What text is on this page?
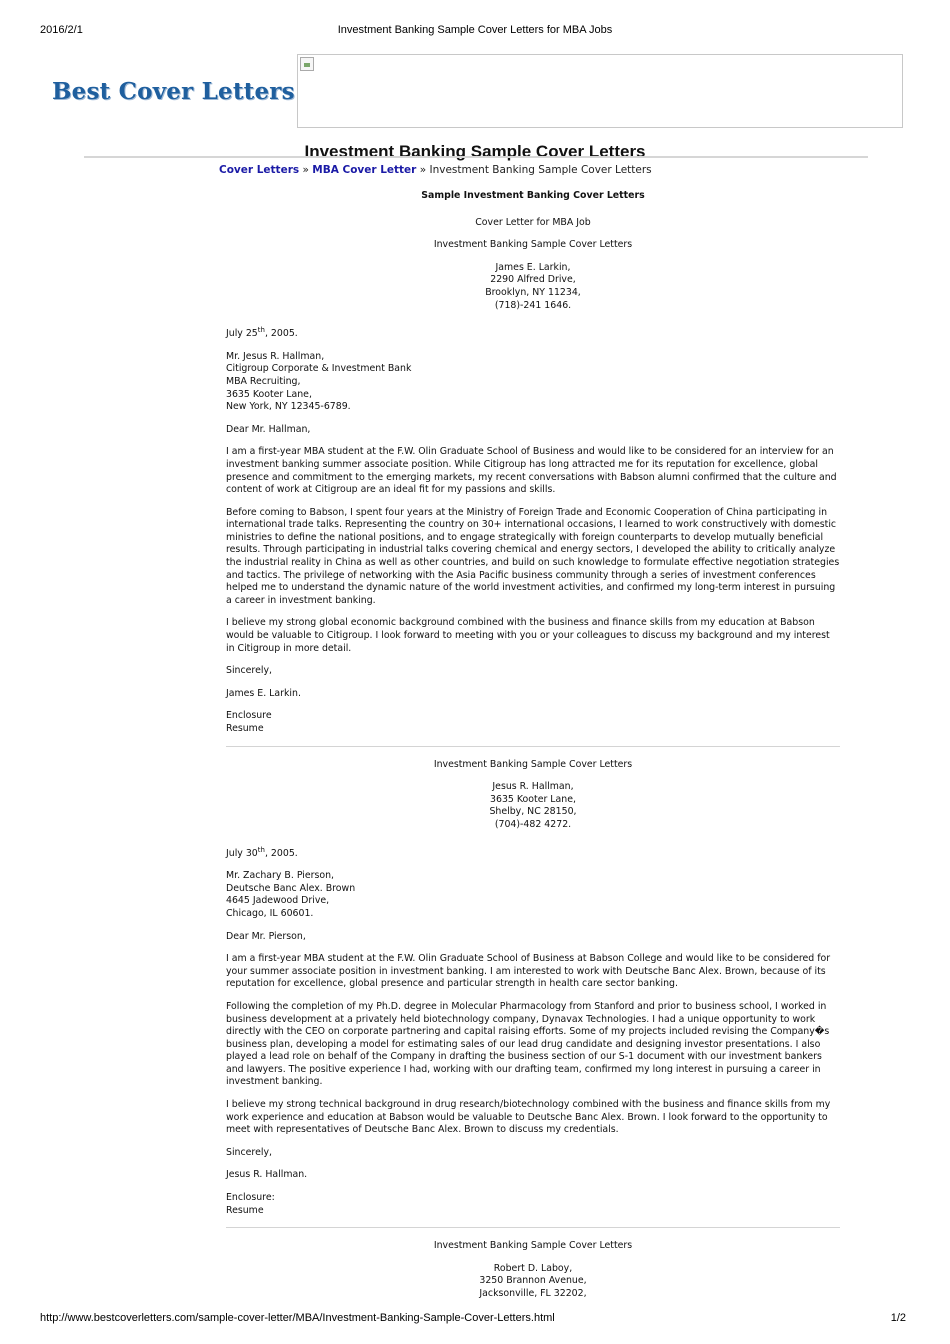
2016/2/1	Investment Banking Sample Cover Letters for MBA Jobs
Best Cover Letters
Investment Banking Sample Cover Letters
Cover Letters » MBA Cover Letter » Investment Banking Sample Cover Letters

Sample Investment Banking Cover Letters

Cover Letter for MBA Job

Investment Banking Sample Cover Letters

James E. Larkin,
2290 Alfred Drive,
Brooklyn, NY 11234,
(718)-241 1646.

July 25th, 2005.

Mr. Jesus R. Hallman,
Citigroup Corporate & Investment Bank
MBA Recruiting,
3635 Kooter Lane,
New York, NY 12345-6789.

Dear Mr. Hallman,

I am a first-year MBA student at the F.W. Olin Graduate School of Business and would like to be considered for an interview for an investment banking summer associate position. While Citigroup has long attracted me for its reputation for excellence, global presence and commitment to the emerging markets, my recent conversations with Babson alumni confirmed that the culture and content of work at Citigroup are an ideal fit for my passions and skills.

Before coming to Babson, I spent four years at the Ministry of Foreign Trade and Economic Cooperation of China participating in international trade talks. Representing the country on 30+ international occasions, I learned to work constructively with domestic ministries to define the national positions, and to engage strategically with foreign counterparts to develop mutually beneficial results. Through participating in industrial talks covering chemical and energy sectors, I developed the ability to critically analyze the industrial reality in China as well as other countries, and build on such knowledge to formulate effective negotiation strategies and tactics. The privilege of networking with the Asia Pacific business community through a series of investment conferences helped me to understand the dynamic nature of the world investment activities, and confirmed my long-term interest in pursuing a career in investment banking.

I believe my strong global economic background combined with the business and finance skills from my education at Babson would be valuable to Citigroup. I look forward to meeting with you or your colleagues to discuss my background and my interest in Citigroup in more detail.

Sincerely,

James E. Larkin.

Enclosure
Resume

Investment Banking Sample Cover Letters

Jesus R. Hallman,
3635 Kooter Lane,
Shelby, NC 28150,
(704)-482 4272.

July 30th, 2005.

Mr. Zachary B. Pierson,
Deutsche Banc Alex. Brown
4645 Jadewood Drive,
Chicago, IL 60601.

Dear Mr. Pierson,

I am a first-year MBA student at the F.W. Olin Graduate School of Business at Babson College and would like to be considered for your summer associate position in investment banking. I am interested to work with Deutsche Banc Alex. Brown, because of its reputation for excellence, global presence and particular strength in health care sector banking.

Following the completion of my Ph.D. degree in Molecular Pharmacology from Stanford and prior to business school, I worked in business development at a privately held biotechnology company, Dynavax Technologies. I had a unique opportunity to work directly with the CEO on corporate partnering and capital raising efforts. Some of my projects included revising the Company�s business plan, developing a model for estimating sales of our lead drug candidate and designing investor presentations. I also played a lead role on behalf of the Company in drafting the business section of our S-1 document with our investment bankers and lawyers. The positive experience I had, working with our drafting team, confirmed my long interest in pursuing a career in investment banking.

I believe my strong technical background in drug research/biotechnology combined with the business and finance skills from my work experience and education at Babson would be valuable to Deutsche Banc Alex. Brown. I look forward to the opportunity to meet with representatives of Deutsche Banc Alex. Brown to discuss my credentials.

Sincerely,

Jesus R. Hallman.

Enclosure:
Resume

Investment Banking Sample Cover Letters

Robert D. Laboy,
3250 Brannon Avenue,
Jacksonville, FL 32202,

http://www.bestcoverletters.com/sample-cover-letter/MBA/Investment-Banking-Sample-Cover-Letters.html	1/2
